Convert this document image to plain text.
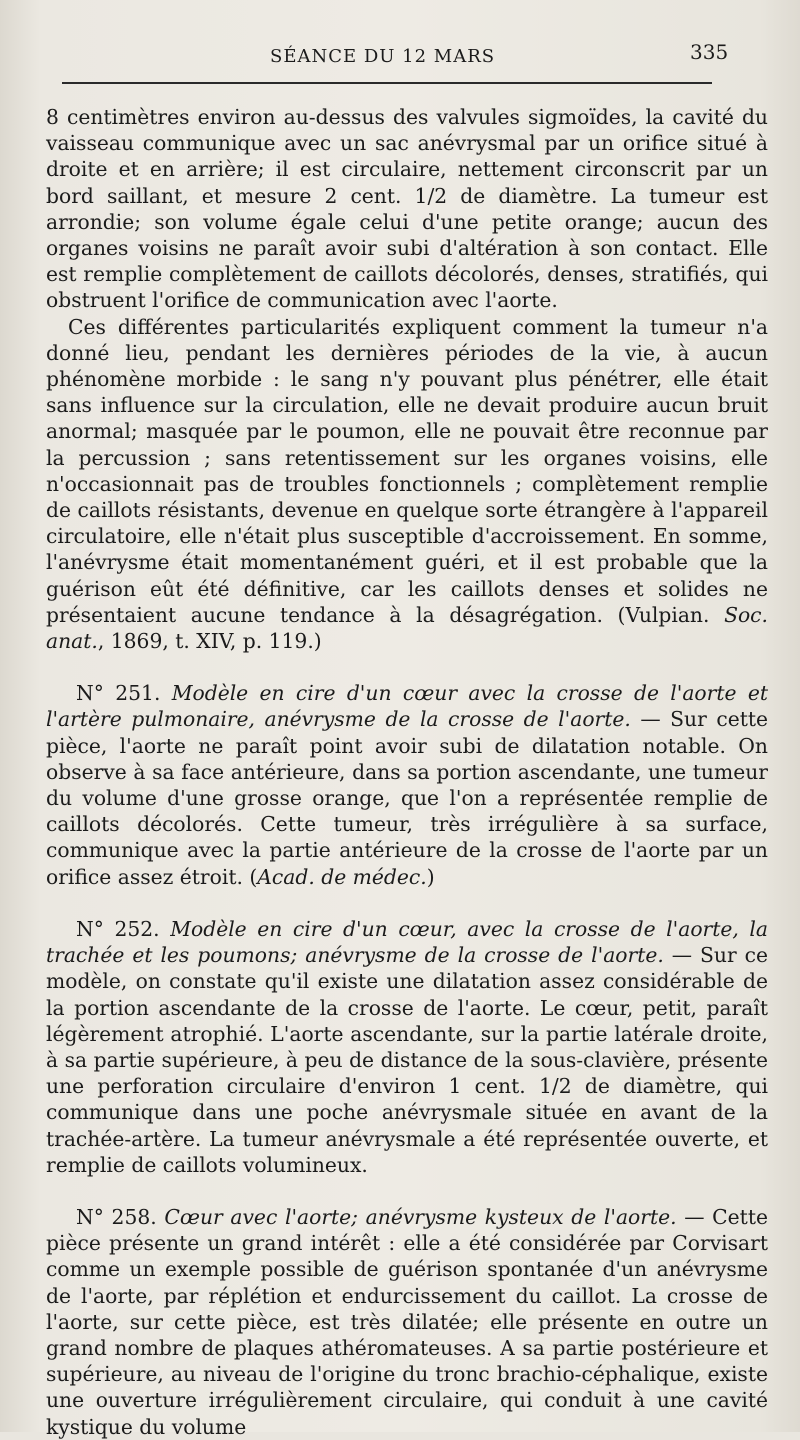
SÉANCE DU 12 MARS	335

8 centimètres environ au-dessus des valvules sigmoïdes, la cavité du vaisseau communique avec un sac anévrysmal par un orifice situé à droite et en arrière; il est circulaire, nettement circonscrit par un bord saillant, et mesure 2 cent. 1/2 de diamètre. La tumeur est arrondie; son volume égale celui d'une petite orange; aucun des organes voisins ne paraît avoir subi d'altération à son contact. Elle est remplie complètement de caillots décolorés, denses, stratifiés, qui obstruent l'orifice de communication avec l'aorte.

Ces différentes particularités expliquent comment la tumeur n'a donné lieu, pendant les dernières périodes de la vie, à aucun phénomène morbide : le sang n'y pouvant plus pénétrer, elle était sans influence sur la circulation, elle ne devait produire aucun bruit anormal; masquée par le poumon, elle ne pouvait être reconnue par la percussion ; sans retentissement sur les organes voisins, elle n'occasionnait pas de troubles fonctionnels ; complètement remplie de caillots résistants, devenue en quelque sorte étrangère à l'appareil circulatoire, elle n'était plus susceptible d'accroissement. En somme, l'anévrysme était momentanément guéri, et il est probable que la guérison eût été définitive, car les caillots denses et solides ne présentaient aucune tendance à la désagrégation. (Vulpian. Soc. anat., 1869, t. XIV, p. 119.)

N° 251. Modèle en cire d'un cœur avec la crosse de l'aorte et l'artère pulmonaire, anévrysme de la crosse de l'aorte. — Sur cette pièce, l'aorte ne paraît point avoir subi de dilatation notable. On observe à sa face antérieure, dans sa portion ascendante, une tumeur du volume d'une grosse orange, que l'on a représentée remplie de caillots décolorés. Cette tumeur, très irrégulière à sa surface, communique avec la partie antérieure de la crosse de l'aorte par un orifice assez étroit. (Acad. de médec.)

N° 252. Modèle en cire d'un cœur, avec la crosse de l'aorte, la trachée et les poumons; anévrysme de la crosse de l'aorte. — Sur ce modèle, on constate qu'il existe une dilatation assez considérable de la portion ascendante de la crosse de l'aorte. Le cœur, petit, paraît légèrement atrophié. L'aorte ascendante, sur la partie latérale droite, à sa partie supérieure, à peu de distance de la sous-clavière, présente une perforation circulaire d'environ 1 cent. 1/2 de diamètre, qui communique dans une poche anévrysmale située en avant de la trachée-artère. La tumeur anévrysmale a été représentée ouverte, et remplie de caillots volumineux.

N° 258. Cœur avec l'aorte; anévrysme kysteux de l'aorte. — Cette pièce présente un grand intérêt : elle a été considérée par Corvisart comme un exemple possible de guérison spontanée d'un anévrysme de l'aorte, par réplétion et endurcissement du caillot. La crosse de l'aorte, sur cette pièce, est très dilatée; elle présente en outre un grand nombre de plaques athéromateuses. A sa partie postérieure et supérieure, au niveau de l'origine du tronc brachio-céphalique, existe une ouverture irrégulièrement circulaire, qui conduit à une cavité kystique du volume
